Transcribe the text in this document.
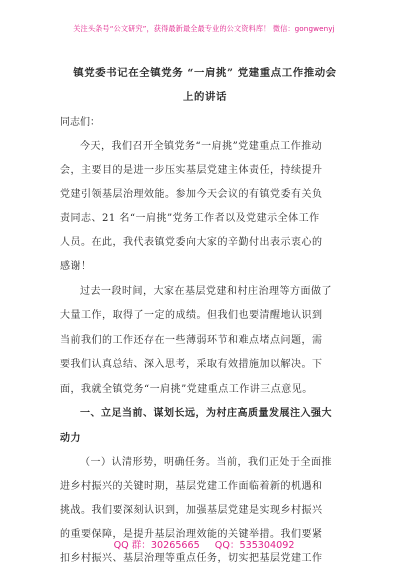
关注头条号“公文研究”，获得最新最全最专业的公文资料库！ 微信：gongwenyj
镇党委书记在全镇党务 “一肩挑” 党建重点工作推动会
上的讲话
同志们：
今天，我们召开全镇党务“一肩挑”党建重点工作推动
会，主要目的是进一步压实基层党建主体责任，持续提升
党建引领基层治理效能。参加今天会议的有镇党委有关负
责同志、21 名“一肩挑”党务工作者以及党建示全体工作
人员。在此，我代表镇党委向大家的辛勤付出表示衷心的
感谢！
过去一段时间，大家在基层党建和村庄治理等方面做了
大量工作，取得了一定的成绩。但我们也要清醒地认识到
当前我们的工作还存在一些薄弱环节和难点堵点问题，需
要我们认真总结、深入思考，采取有效措施加以解决。下
面，我就全镇党务“一肩挑”党建重点工作讲三点意见。
一、立足当前、谋划长远，为村庄高质量发展注入强大
动力
（一）认清形势，明确任务。当前，我们正处于全面推
进乡村振兴的关键时期，基层党建工作面临着新的机遇和
挑战。我们要深刻认识到，加强基层党建是实现乡村振兴
的重要保障，是提升基层治理效能的关键举措。我们要紧
扣乡村振兴、基层治理等重点任务，切实把基层党建工作
QQ 群：30265665 QQ：535304092
